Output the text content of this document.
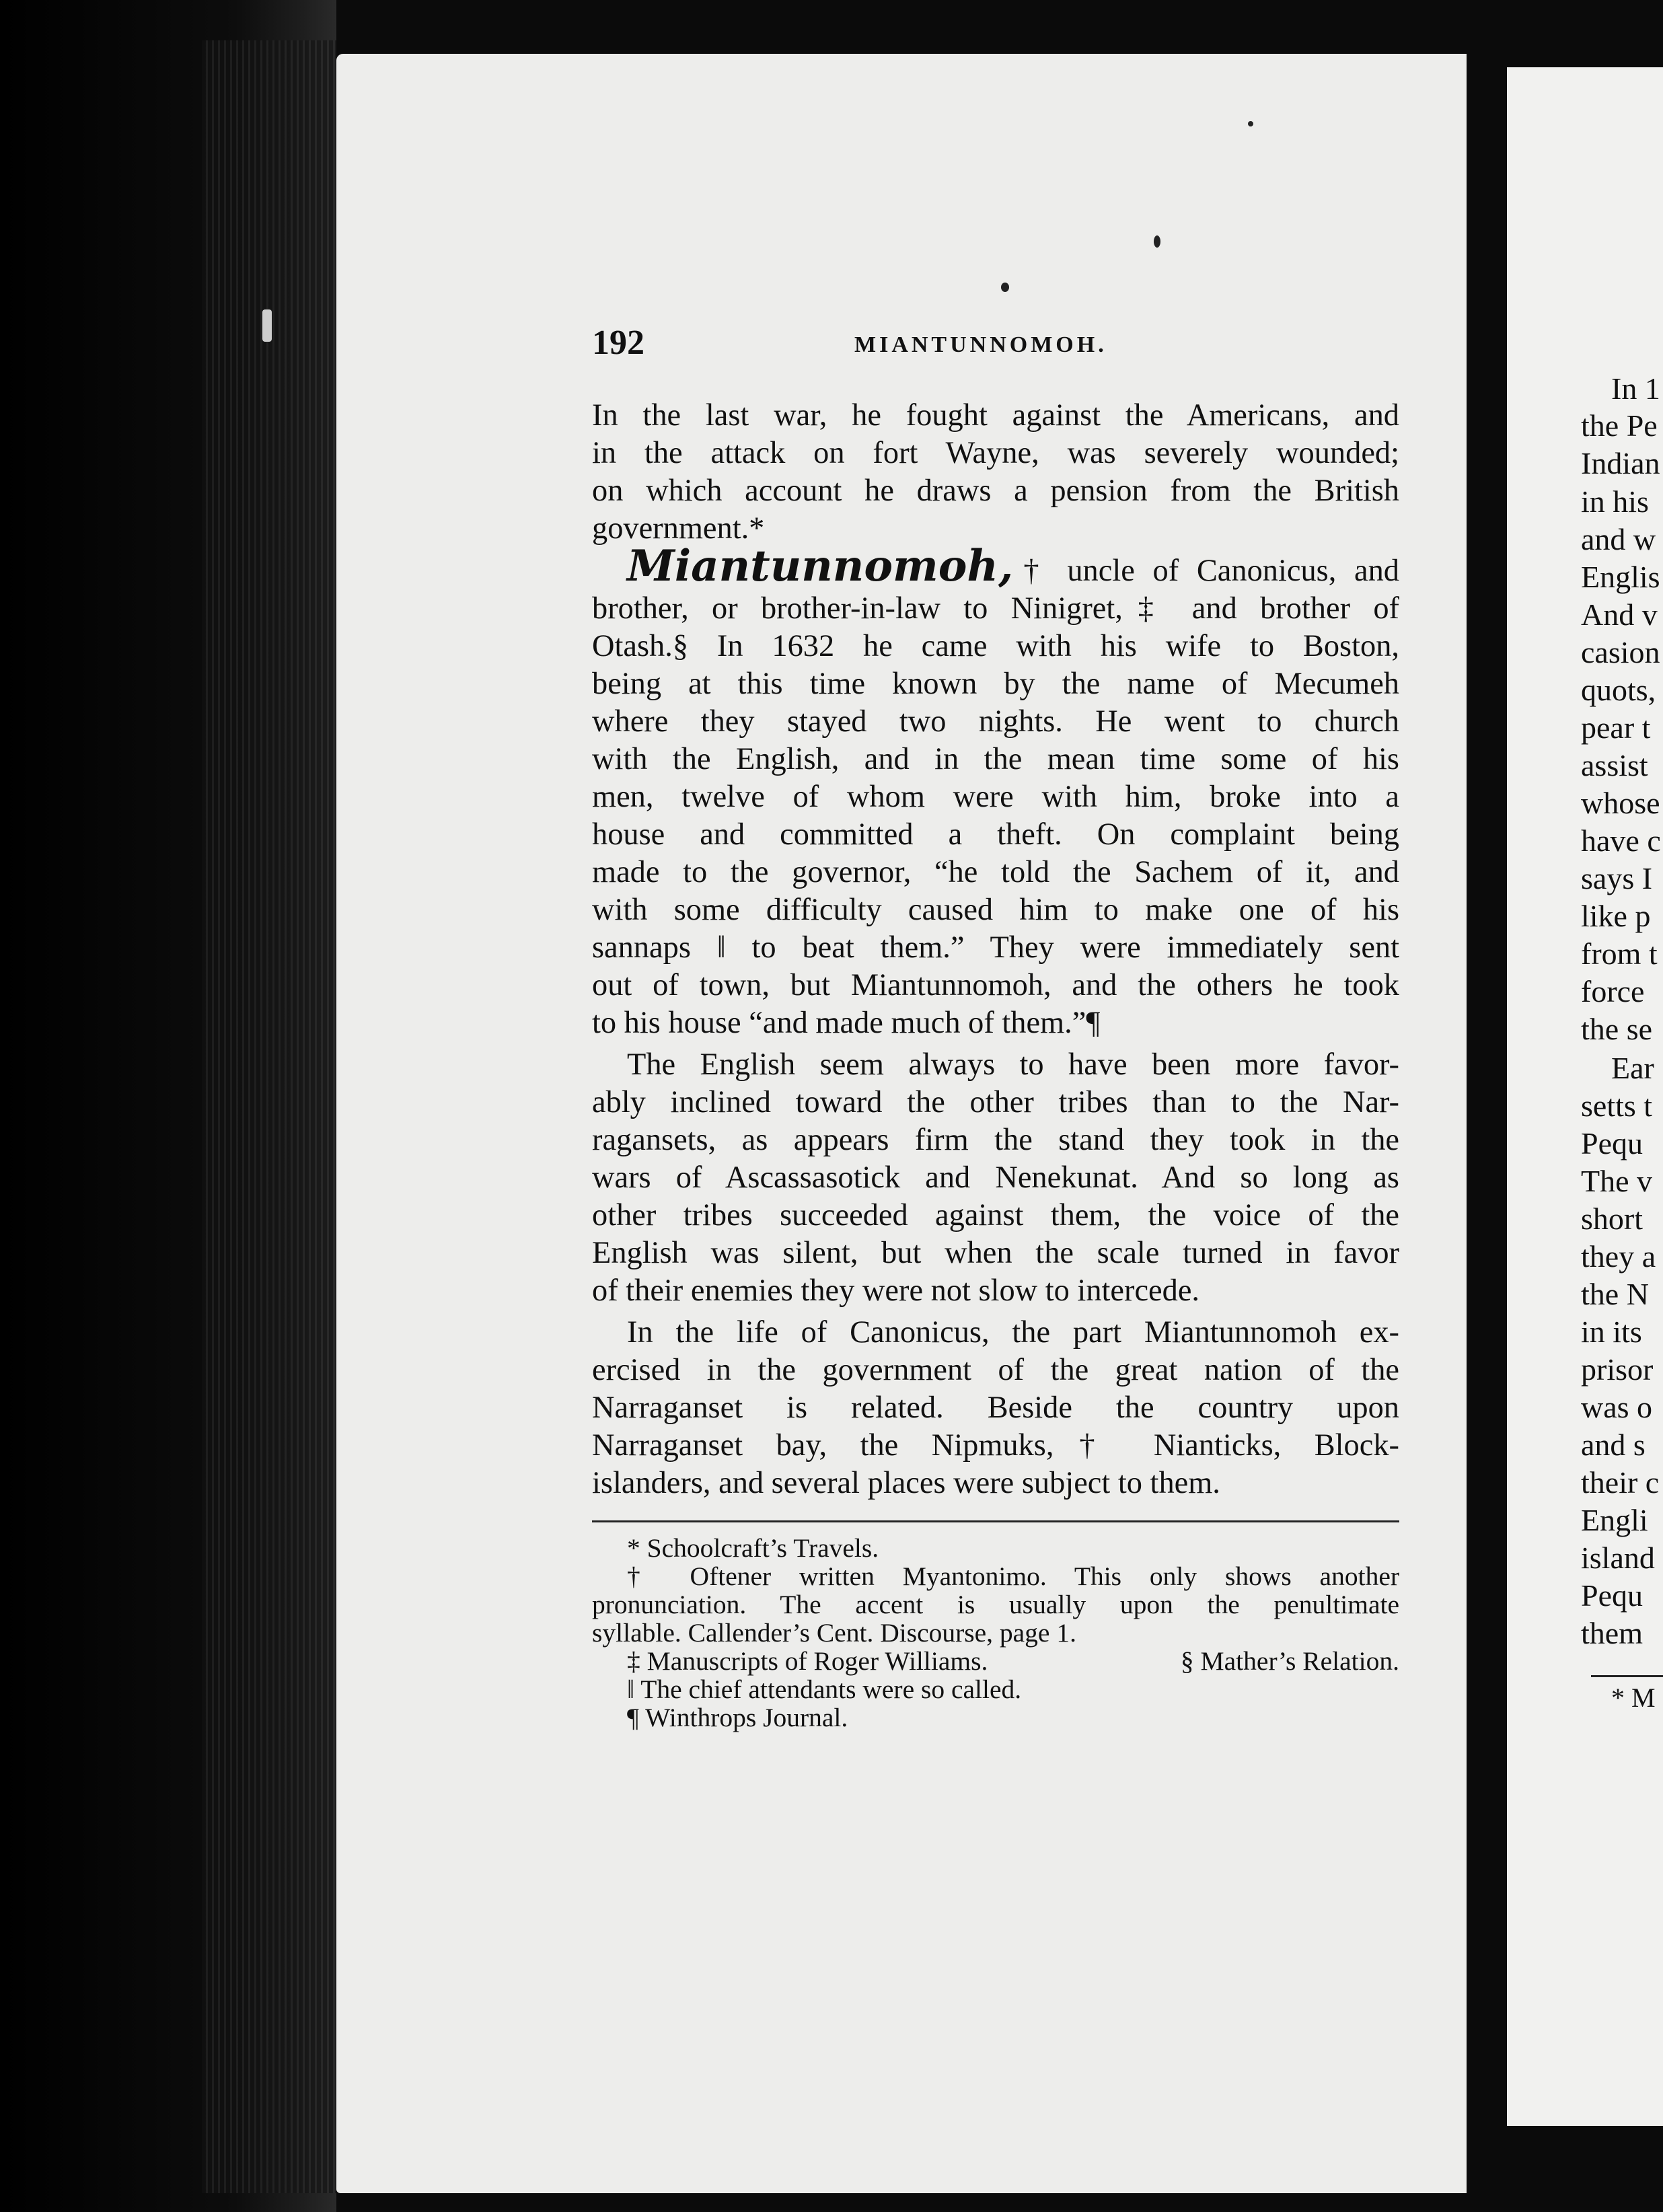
192	MIANTUNNOMOH.
In the last war, he fought against the Americans, and
in the attack on fort Wayne, was severely wounded;
on which account he draws a pension from the British
government.*
Miantunnomoh,† uncle of Canonicus, and
brother, or brother-in-law to Ninigret,‡ and brother of
Otash.§ In 1632 he came with his wife to Boston,
being at this time known by the name of Mecumeh
where they stayed two nights. He went to church
with the English, and in the mean time some of his
men, twelve of whom were with him, broke into a
house and committed a theft. On complaint being
made to the governor, “he told the Sachem of it, and
with some difficulty caused him to make one of his
sannaps ‖ to beat them.” They were immediately sent
out of town, but Miantunnomoh, and the others he took
to his house “and made much of them.”¶
The English seem always to have been more favor-
ably inclined toward the other tribes than to the Nar-
ragansets, as appears firm the stand they took in the
wars of Ascassasotick and Nenekunat. And so long as
other tribes succeeded against them, the voice of the
English was silent, but when the scale turned in favor
of their enemies they were not slow to intercede.
In the life of Canonicus, the part Miantunnomoh ex-
ercised in the government of the great nation of the
Narraganset is related. Beside the country upon
Narraganset bay, the Nipmuks,† Nianticks, Block-
islanders, and several places were subject to them.
* Schoolcraft’s Travels.
† Oftener written Myantonimo. This only shows another
pronunciation. The accent is usually upon the penultimate
syllable. Callender’s Cent. Discourse, page 1.
‡ Manuscripts of Roger Williams.	§ Mather’s Relation.
‖ The chief attendants were so called.
¶ Winthrops Journal.
In 1
the Pe
Indian
in his
and w
Englis
And v
casion
quots,
pear t
assist
whose
have c
says I
like p
from t
force
the se
Ear
setts t
Pequ
The v
short
they a
the N
in its
prisor
was o
and s
their c
Engli
island
Pequ
them
* M
